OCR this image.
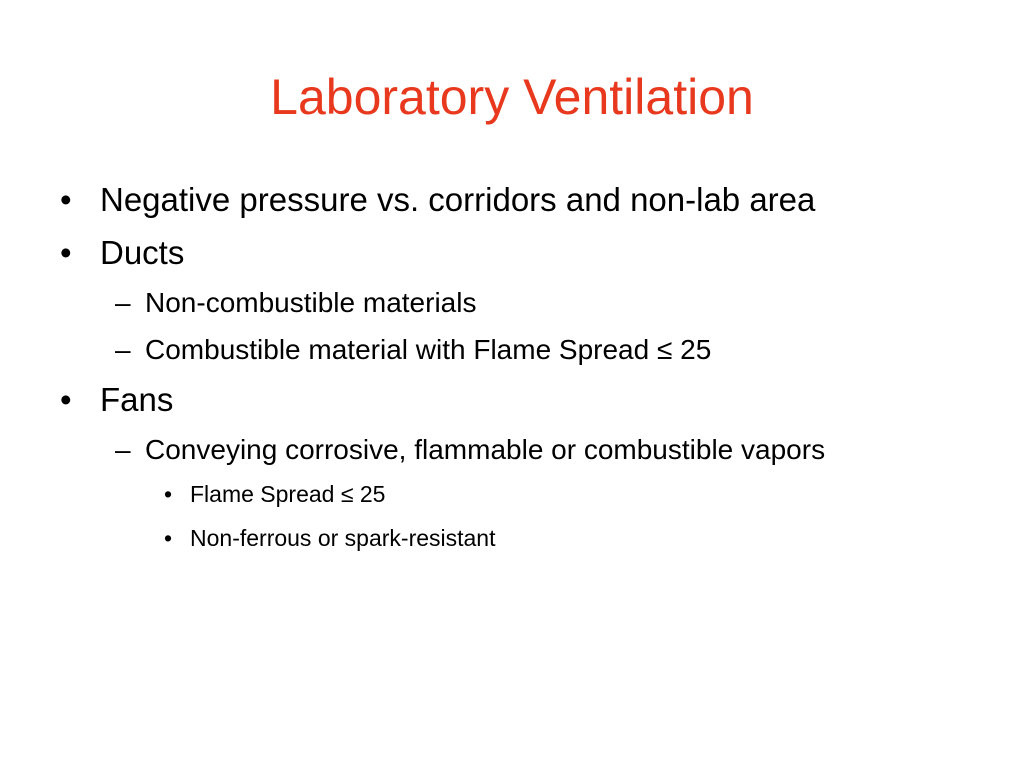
Laboratory Ventilation
• Negative pressure vs. corridors and non-lab area
• Ducts
– Non-combustible materials
– Combustible material with Flame Spread ≤ 25
• Fans
– Conveying corrosive, flammable or combustible vapors
• Flame Spread ≤ 25
• Non-ferrous or spark-resistant
